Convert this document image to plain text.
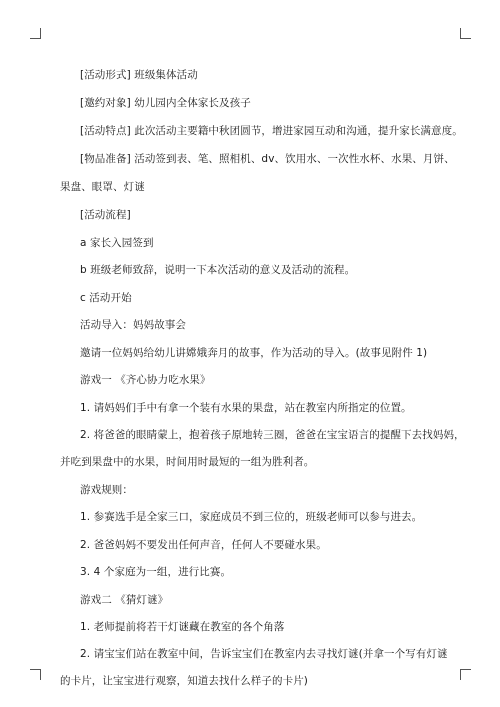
[活动形式] 班级集体活动
[邀约对象] 幼儿园内全体家长及孩子
[活动特点] 此次活动主要籍中秋团圆节，增进家园互动和沟通，提升家长满意度。
[物品准备] 活动签到表、笔、照相机、dv、饮用水、一次性水杯、水果、月饼、
果盘、眼罩、灯谜
[活动流程]
a 家长入园签到
b 班级老师致辞，说明一下本次活动的意义及活动的流程。
c 活动开始
活动导入：妈妈故事会
邀请一位妈妈给幼儿讲嫦娥奔月的故事，作为活动的导入。(故事见附件 1)
游戏一 《齐心协力吃水果》
1. 请妈妈们手中有拿一个装有水果的果盘，站在教室内所指定的位置。
2. 将爸爸的眼睛蒙上，抱着孩子原地转三圈，爸爸在宝宝语言的提醒下去找妈妈，
并吃到果盘中的水果，时间用时最短的一组为胜利者。
游戏规则：
1. 参赛选手是全家三口，家庭成员不到三位的，班级老师可以参与进去。
2. 爸爸妈妈不要发出任何声音，任何人不要碰水果。
3. 4 个家庭为一组，进行比赛。
游戏二 《猜灯谜》
1. 老师提前将若干灯谜藏在教室的各个角落
2. 请宝宝们站在教室中间，告诉宝宝们在教室内去寻找灯谜(并拿一个写有灯谜
的卡片，让宝宝进行观察，知道去找什么样子的卡片)
